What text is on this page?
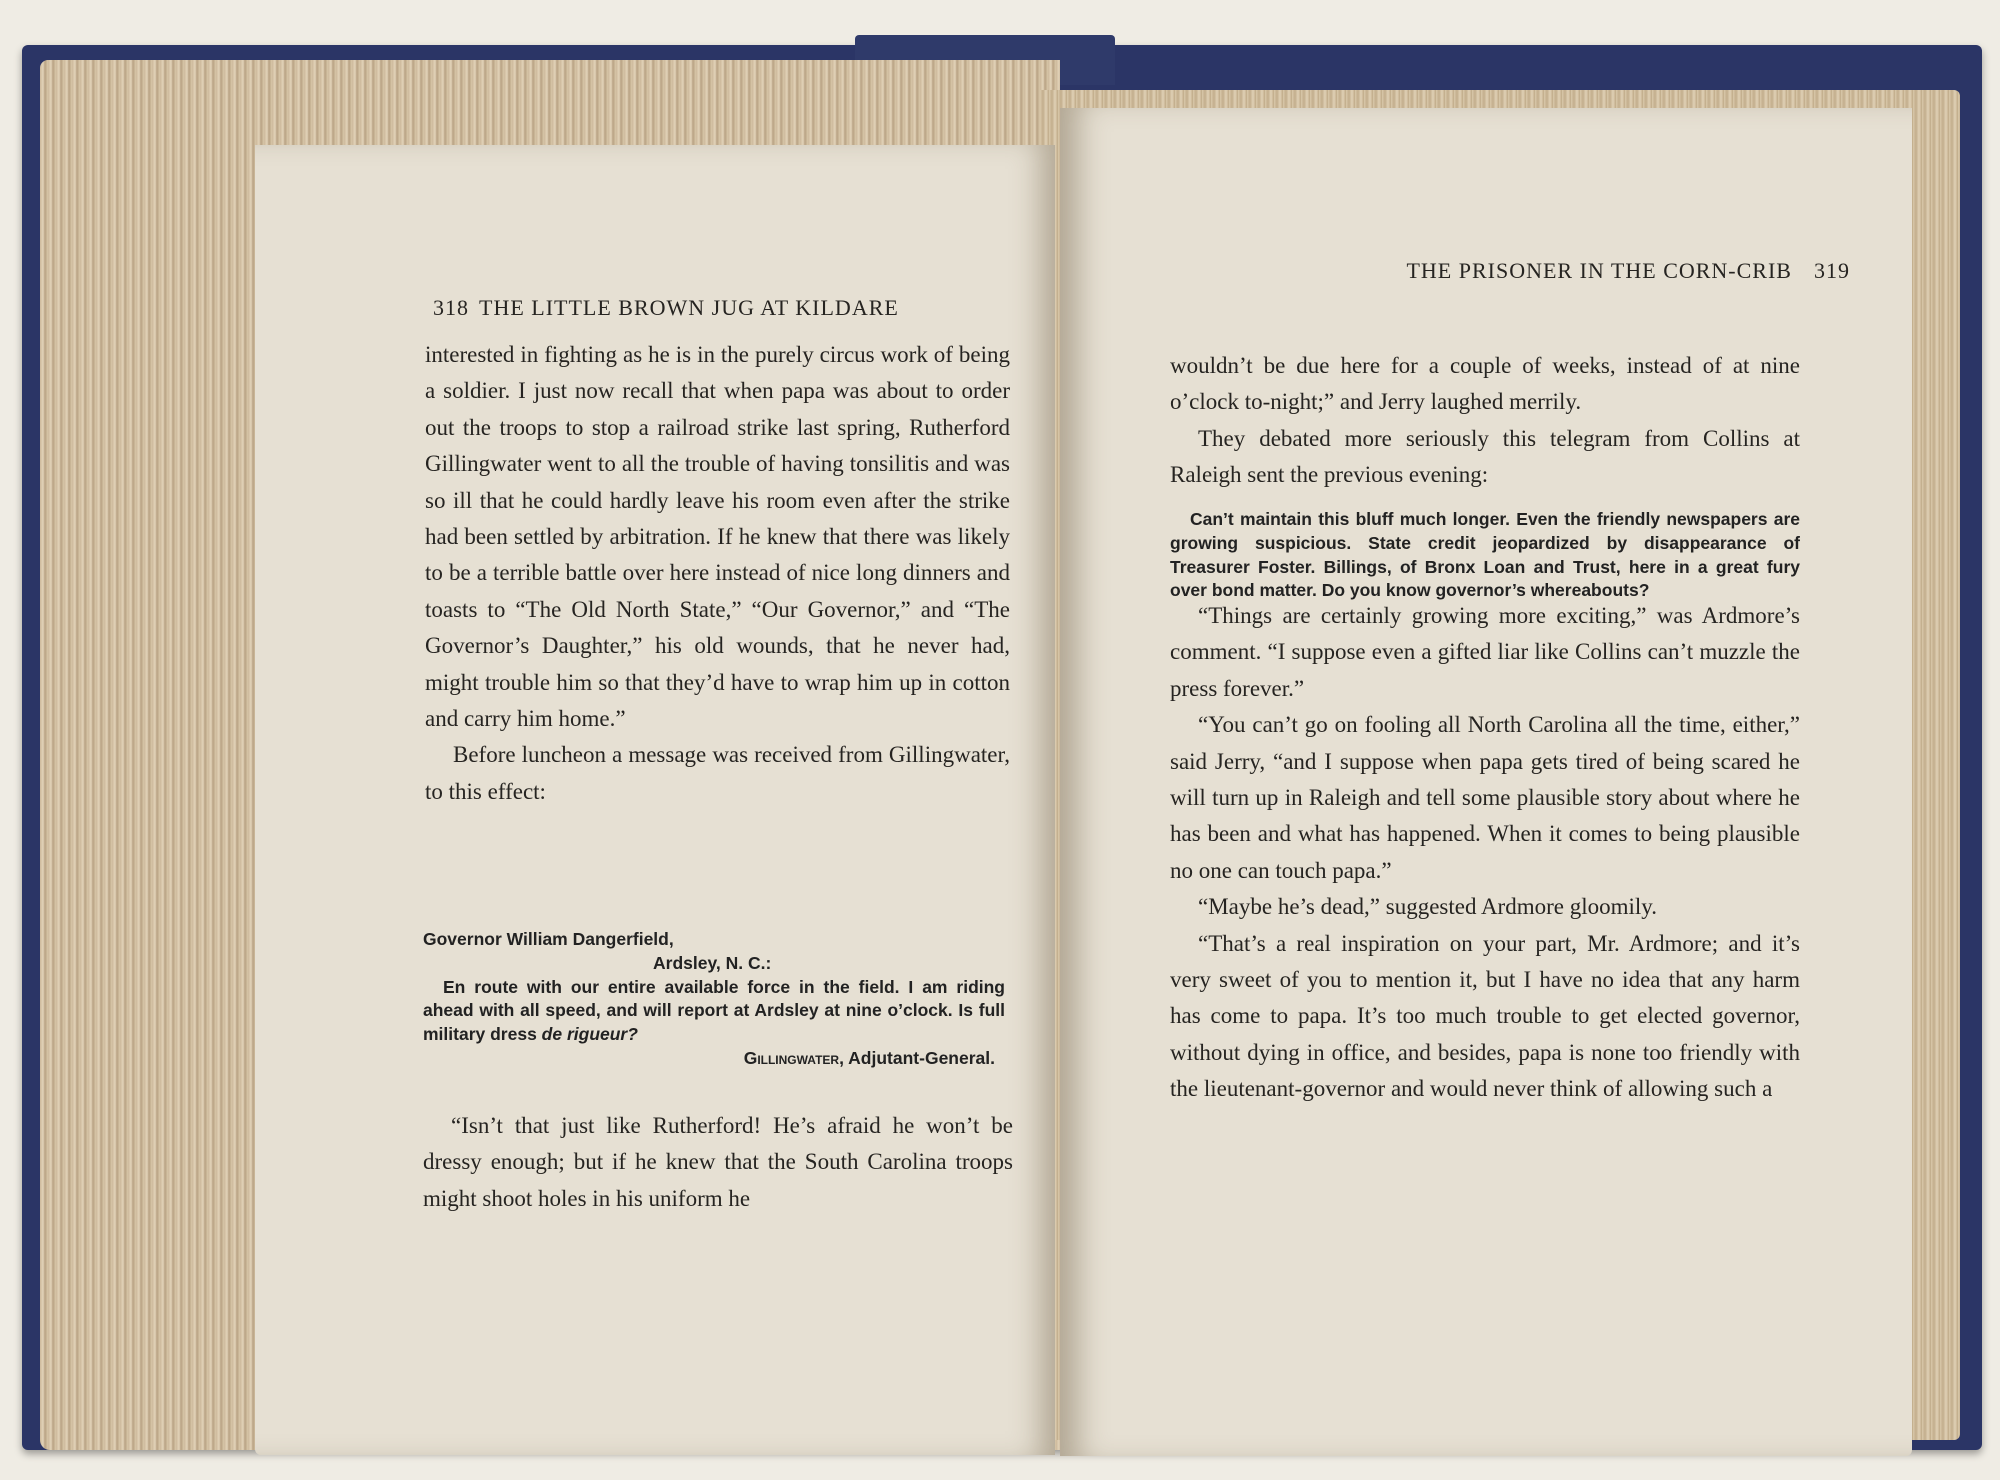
318 THE LITTLE BROWN JUG AT KILDARE

interested in fighting as he is in the purely circus work of being a soldier. I just now recall that when papa was about to order out the troops to stop a railroad strike last spring, Rutherford Gillingwater went to all the trouble of having tonsilitis and was so ill that he could hardly leave his room even after the strike had been settled by arbitration. If he knew that there was likely to be a terrible battle over here instead of nice long dinners and toasts to “The Old North State,” “Our Governor,” and “The Governor’s Daughter,” his old wounds, that he never had, might trouble him so that they’d have to wrap him up in cotton and carry him home.”

Before luncheon a message was received from Gillingwater, to this effect:

Governor William Dangerfield,

Ardsley, N. C.:

En route with our entire available force in the field. I am riding ahead with all speed, and will report at Ardsley at nine o’clock. Is full military dress de rigueur?

Gillingwater, Adjutant-General.

“Isn’t that just like Rutherford! He’s afraid he won’t be dressy enough; but if he knew that the South Carolina troops might shoot holes in his uniform he

THE PRISONER IN THE CORN-CRIB 319

wouldn’t be due here for a couple of weeks, instead of at nine o’clock to-night;” and Jerry laughed merrily.

They debated more seriously this telegram from Collins at Raleigh sent the previous evening:

Can’t maintain this bluff much longer. Even the friendly newspapers are growing suspicious. State credit jeopardized by disappearance of Treasurer Foster. Billings, of Bronx Loan and Trust, here in a great fury over bond matter. Do you know governor’s whereabouts?

“Things are certainly growing more exciting,” was Ardmore’s comment. “I suppose even a gifted liar like Collins can’t muzzle the press forever.”

“You can’t go on fooling all North Carolina all the time, either,” said Jerry, “and I suppose when papa gets tired of being scared he will turn up in Raleigh and tell some plausible story about where he has been and what has happened. When it comes to being plausible no one can touch papa.”

“Maybe he’s dead,” suggested Ardmore gloomily.

“That’s a real inspiration on your part, Mr. Ardmore; and it’s very sweet of you to mention it, but I have no idea that any harm has come to papa. It’s too much trouble to get elected governor, without dying in office, and besides, papa is none too friendly with the lieutenant-governor and would never think of allowing such a
